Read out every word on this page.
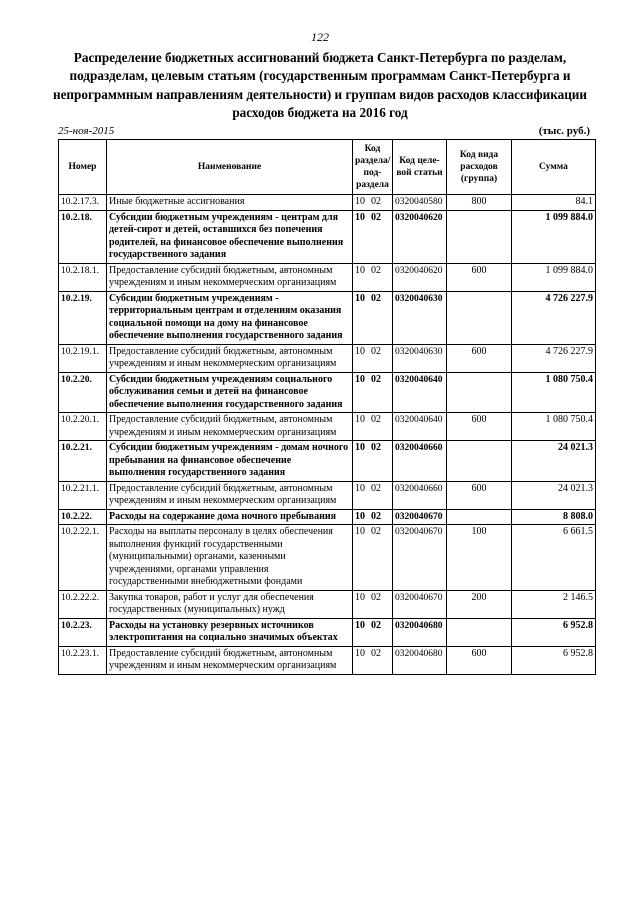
122
Распределение бюджетных ассигнований бюджета Санкт-Петербурга по разделам, подразделам, целевым статьям (государственным программам Санкт-Петербурга и непрограммным направлениям деятельности) и группам видов расходов классификации расходов бюджета на 2016 год
25-ноя-2015	(тыс. руб.)
Номер	Наименование	Код раздела/ под- раздела	Код целе- вой статьи	Код вида расходов (группа)	Сумма
10.2.17.3.	Иные бюджетные ассигнования	10 02	0320040580	800	84.1
10.2.18.	Субсидии бюджетным учреждениям - центрам для детей-сирот и детей, оставшихся без попечения родителей, на финансовое обеспечение выполнения государственного задания	10 02	0320040620		1 099 884.0
10.2.18.1.	Предоставление субсидий бюджетным, автономным учреждениям и иным некоммерческим организациям	10 02	0320040620	600	1 099 884.0
10.2.19.	Субсидии бюджетным учреждениям - территориальным центрам и отделениям оказания социальной помощи на дому на финансовое обеспечение выполнения государственного задания	10 02	0320040630		4 726 227.9
10.2.19.1.	Предоставление субсидий бюджетным, автономным учреждениям и иным некоммерческим организациям	10 02	0320040630	600	4 726 227.9
10.2.20.	Субсидии бюджетным учреждениям социального обслуживания семьи и детей на финансовое обеспечение выполнения государственного задания	10 02	0320040640		1 080 750.4
10.2.20.1.	Предоставление субсидий бюджетным, автономным учреждениям и иным некоммерческим организациям	10 02	0320040640	600	1 080 750.4
10.2.21.	Субсидии бюджетным учреждениям - домам ночного пребывания на финансовое обеспечение выполнения государственного задания	10 02	0320040660		24 021.3
10.2.21.1.	Предоставление субсидий бюджетным, автономным учреждениям и иным некоммерческим организациям	10 02	0320040660	600	24 021.3
10.2.22.	Расходы на содержание дома ночного пребывания	10 02	0320040670		8 808.0
10.2.22.1.	Расходы на выплаты персоналу в целях обеспечения выполнения функций государственными (муниципальными) органами, казенными учреждениями, органами управления государственными внебюджетными фондами	10 02	0320040670	100	6 661.5
10.2.22.2.	Закупка товаров, работ и услуг для обеспечения государственных (муниципальных) нужд	10 02	0320040670	200	2 146.5
10.2.23.	Расходы на установку резервных источников электропитания на социально значимых объектах	10 02	0320040680		6 952.8
10.2.23.1.	Предоставление субсидий бюджетным, автономным учреждениям и иным некоммерческим организациям	10 02	0320040680	600	6 952.8
